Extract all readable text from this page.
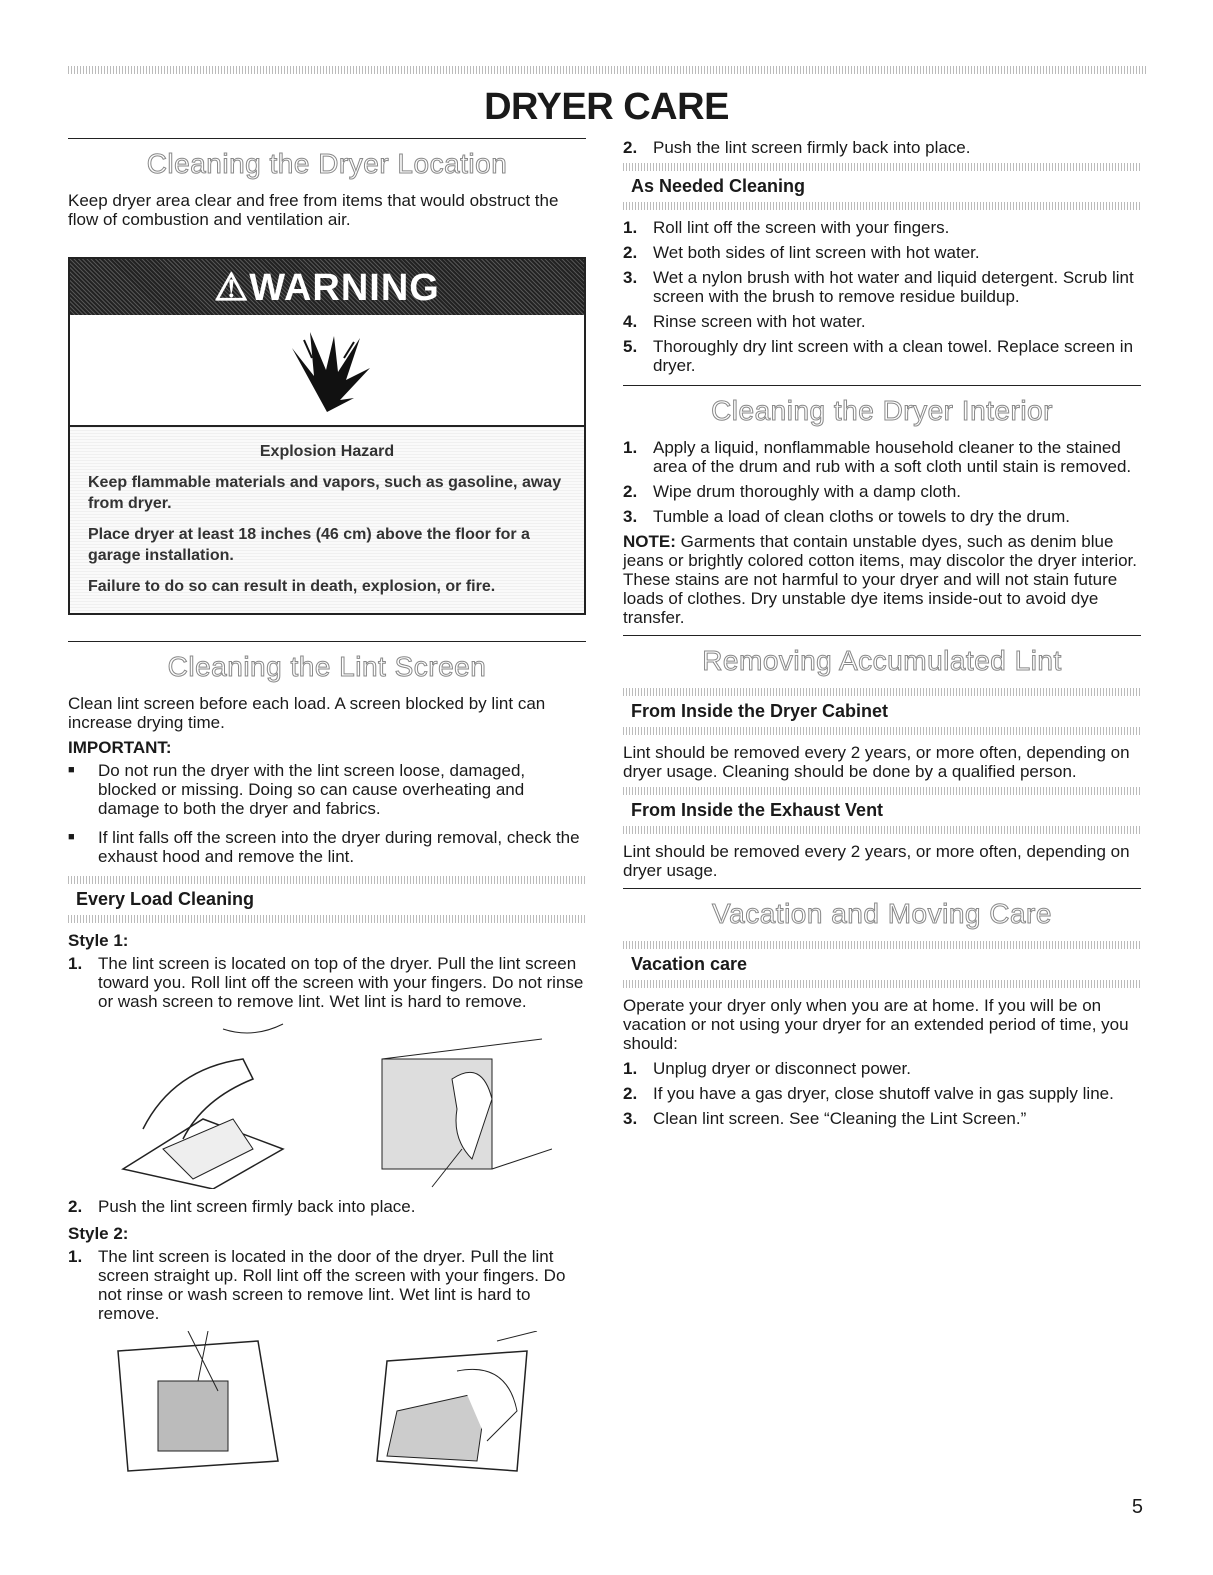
DRYER CARE
Cleaning the Dryer Location

Keep dryer area clear and free from items that would obstruct the flow of combustion and ventilation air.

⚠WARNING
Explosion Hazard

Keep flammable materials and vapors, such as gasoline, away from dryer.

Place dryer at least 18 inches (46 cm) above the floor for a garage installation.

Failure to do so can result in death, explosion, or fire.

Cleaning the Lint Screen

Clean lint screen before each load. A screen blocked by lint can increase drying time.

IMPORTANT:
■ Do not run the dryer with the lint screen loose, damaged, blocked or missing. Doing so can cause overheating and damage to both the dryer and fabrics.
■ If lint falls off the screen into the dryer during removal, check the exhaust hood and remove the lint.
Every Load Cleaning
Style 1:
1. The lint screen is located on top of the dryer. Pull the lint screen toward you. Roll lint off the screen with your fingers. Do not rinse or wash screen to remove lint. Wet lint is hard to remove.
2. Push the lint screen firmly back into place.
Style 2:
1. The lint screen is located in the door of the dryer. Pull the lint screen straight up. Roll lint off the screen with your fingers. Do not rinse or wash screen to remove lint. Wet lint is hard to remove.
2. Push the lint screen firmly back into place.
As Needed Cleaning
1. Roll lint off the screen with your fingers.
2. Wet both sides of lint screen with hot water.
3. Wet a nylon brush with hot water and liquid detergent. Scrub lint screen with the brush to remove residue buildup.
4. Rinse screen with hot water.
5. Thoroughly dry lint screen with a clean towel. Replace screen in dryer.
Cleaning the Dryer Interior
1. Apply a liquid, nonflammable household cleaner to the stained area of the drum and rub with a soft cloth until stain is removed.
2. Wipe drum thoroughly with a damp cloth.
3. Tumble a load of clean cloths or towels to dry the drum.

NOTE: Garments that contain unstable dyes, such as denim blue jeans or brightly colored cotton items, may discolor the dryer interior. These stains are not harmful to your dryer and will not stain future loads of clothes. Dry unstable dye items inside-out to avoid dye transfer.

Removing Accumulated Lint
From Inside the Dryer Cabinet

Lint should be removed every 2 years, or more often, depending on dryer usage. Cleaning should be done by a qualified person.

From Inside the Exhaust Vent

Lint should be removed every 2 years, or more often, depending on dryer usage.

Vacation and Moving Care
Vacation care

Operate your dryer only when you are at home. If you will be on vacation or not using your dryer for an extended period of time, you should:

1. Unplug dryer or disconnect power.
2. If you have a gas dryer, close shutoff valve in gas supply line.
3. Clean lint screen. See “Cleaning the Lint Screen.”
5
